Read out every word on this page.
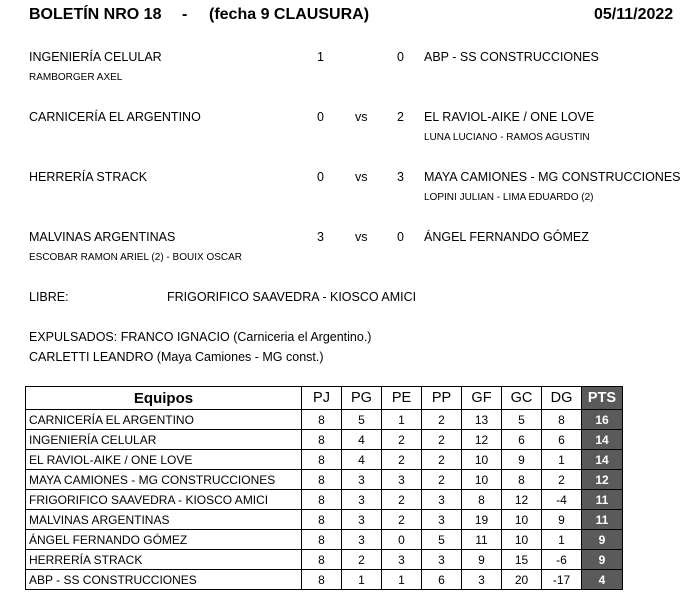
BOLETÍN NRO 18 - (fecha 9 CLAUSURA)	05/11/2022
INGENIERÍA CELULAR	1	0 ABP - SS CONSTRUCCIONES
RAMBORGER AXEL
CARNICERÍA EL ARGENTINO	0 vs 2 EL RAVIOL-AIKE / ONE LOVE
LUNA LUCIANO - RAMOS AGUSTIN
HERRERÍA STRACK	0 vs 3 MAYA CAMIONES - MG CONSTRUCCIONES
LOPINI JULIAN - LIMA EDUARDO (2)
MALVINAS ARGENTINAS	3 vs 0 ÁNGEL FERNANDO GÓMEZ
ESCOBAR RAMON ARIEL (2) - BOUIX OSCAR
LIBRE:	FRIGORIFICO SAAVEDRA - KIOSCO AMICI
EXPULSADOS: FRANCO IGNACIO (Carniceria el Argentino.)
CARLETTI LEANDRO (Maya Camiones - MG const.)
Equipos	PJ	PG	PE	PP	GF	GC	DG	PTS
CARNICERÍA EL ARGENTINO	8	5	1	2	13	5	8	16
INGENIERÍA CELULAR	8	4	2	2	12	6	6	14
EL RAVIOL-AIKE / ONE LOVE	8	4	2	2	10	9	1	14
MAYA CAMIONES - MG CONSTRUCCIONES	8	3	3	2	10	8	2	12
FRIGORIFICO SAAVEDRA - KIOSCO AMICI	8	3	2	3	8	12	-4	11
MALVINAS ARGENTINAS	8	3	2	3	19	10	9	11
ÁNGEL FERNANDO GÓMEZ	8	3	0	5	11	10	1	9
HERRERÍA STRACK	8	2	3	3	9	15	-6	9
ABP - SS CONSTRUCCIONES	8	1	1	6	3	20	-17	4
